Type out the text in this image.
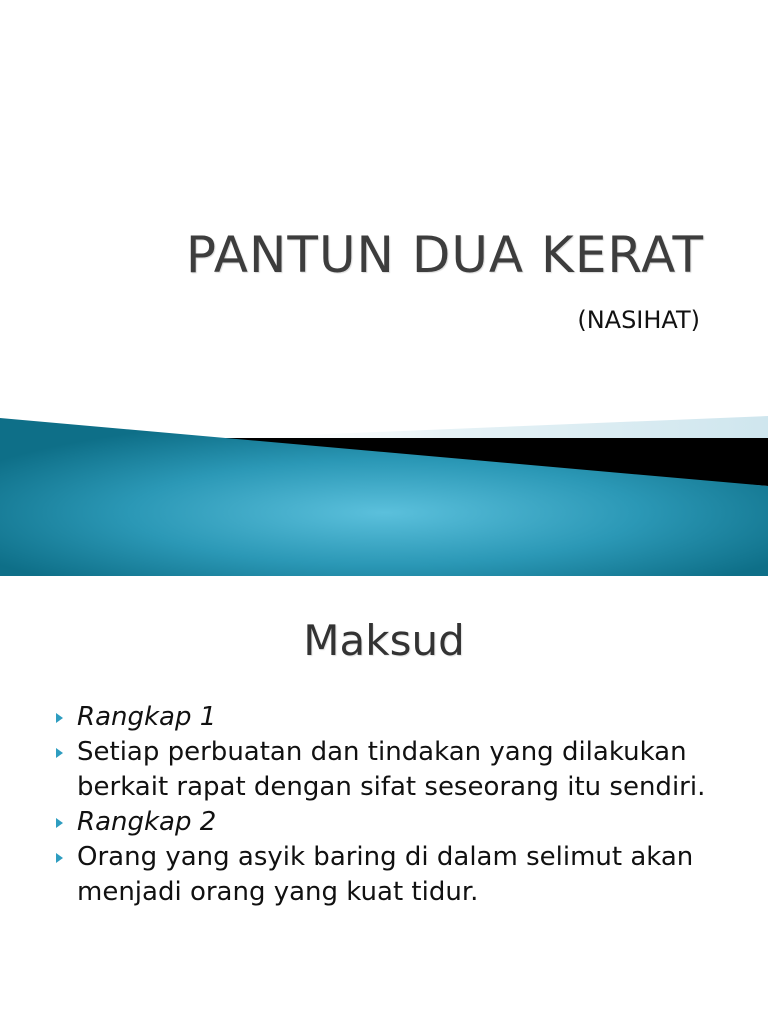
PANTUN DUA KERAT

(NASIHAT)

Maksud
Rangkap 1
Setiap perbuatan dan tindakan yang dilakukan berkait rapat dengan sifat seseorang itu sendiri.
Rangkap 2
Orang yang asyik baring di dalam selimut akan menjadi orang yang kuat tidur.
